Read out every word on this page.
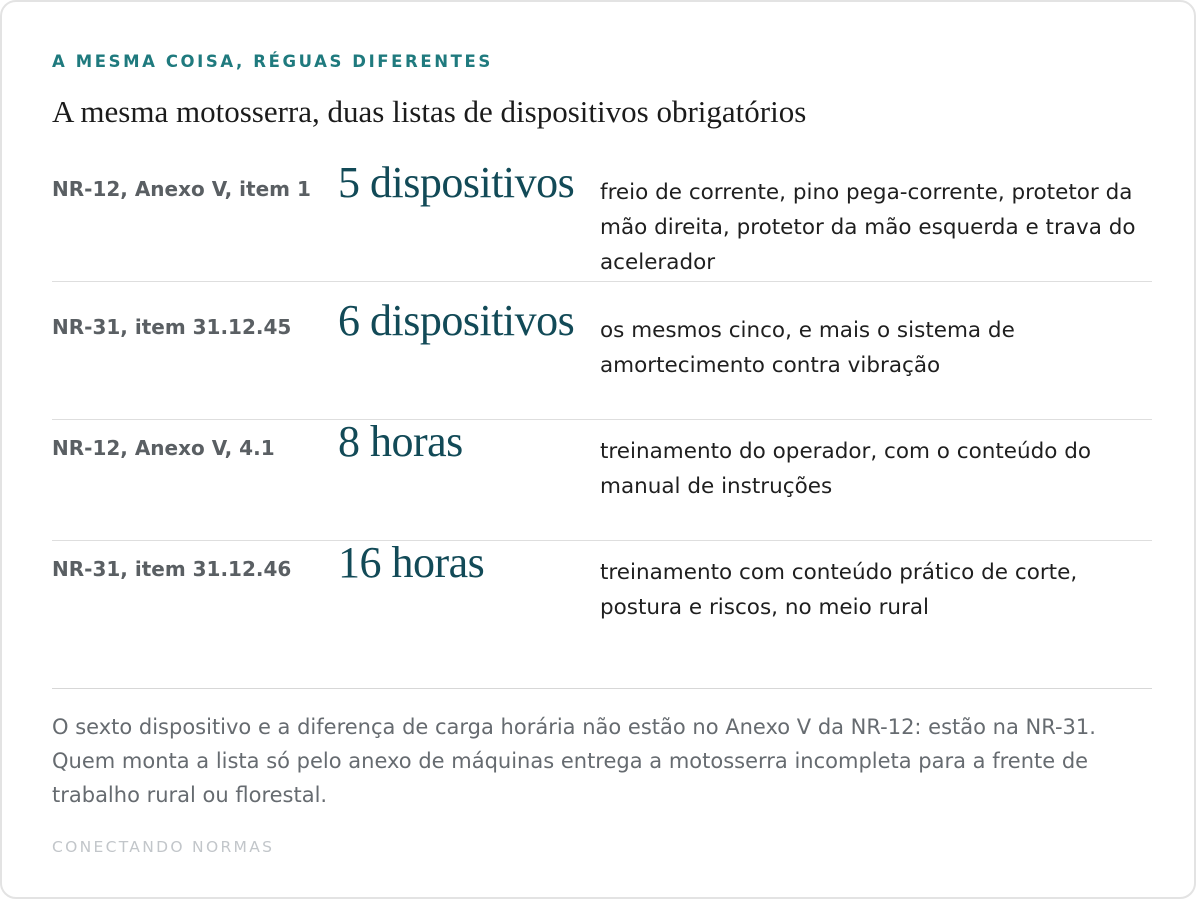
A MESMA COISA, RÉGUAS DIFERENTES
A mesma motosserra, duas listas de dispositivos obrigatórios
NR-12, Anexo V, item 1 5 dispositivos freio de corrente, pino pega-corrente, protetor da mão direita, protetor da mão esquerda e trava do acelerador
NR-31, item 31.12.45 6 dispositivos os mesmos cinco, e mais o sistema de amortecimento contra vibração
NR-12, Anexo V, 4.1 8 horas	treinamento do operador, com o conteúdo do manual de instruções
NR-31, item 31.12.46 16 horas	treinamento com conteúdo prático de corte, postura e riscos, no meio rural
O sexto dispositivo e a diferença de carga horária não estão no Anexo V da NR-12: estão na NR-31. Quem monta a lista só pelo anexo de máquinas entrega a motosserra incompleta para a frente de trabalho rural ou florestal.
CONECTANDO NORMAS
